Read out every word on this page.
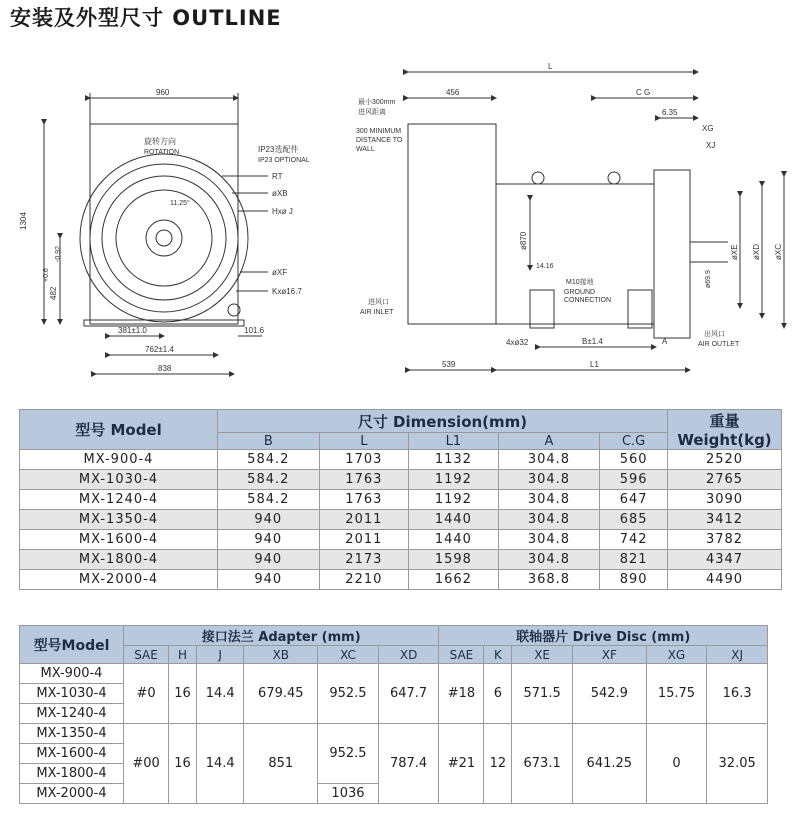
安装及外型尺寸 OUTLINE
960
1304
482
+0.6
-0.92
旋转方向
ROTATION	IP23选配件
IP23 OPTIONAL
RT
øXB
Hxø J
øXF
Kxø16.7
11.25°
381±1.0	101.6
762±1.4
838
L
456	C G
6.35
XG
XJ
最小300mm
进风距离
300 MINIMUM
DISTANCE TO
WALL
ø870
14.16
M10接地
GROUND
CONNECTION
øXE øXD øXC
ø69.9
进风口
AIR INLET
出风口
AIR OUTLET
4xø32	B±1.4	A
539	L1
型号 Model	尺寸 Dimension(mm)					重量
Weight(kg)
	B	L	L1	A	C.G	
MX-900-4	584.2	1703	1132	304.8	560	2520
MX-1030-4	584.2	1763	1192	304.8	596	2765
MX-1240-4	584.2	1763	1192	304.8	647	3090
MX-1350-4	940	2011	1440	304.8	685	3412
MX-1600-4	940	2011	1440	304.8	742	3782
MX-1800-4	940	2173	1598	304.8	821	4347
MX-2000-4	940	2210	1662	368.8	890	4490
型号Model	接口法兰 Adapter (mm)						联轴器片 Drive Disc (mm)					
	SAE	H	J	XB	XC	XD	SAE	K	XE	XF	XG	XJ
MX-900-4	#0	16	14.4	679.45	952.5	647.7	#18	6	571.5	542.9	15.75	16.3
MX-1030-4												
MX-1240-4												
MX-1350-4	#00	16	14.4	851	952.5	787.4	#21	12	673.1	641.25	0	32.05
MX-1600-4												
MX-1800-4												
MX-2000-4					1036							
